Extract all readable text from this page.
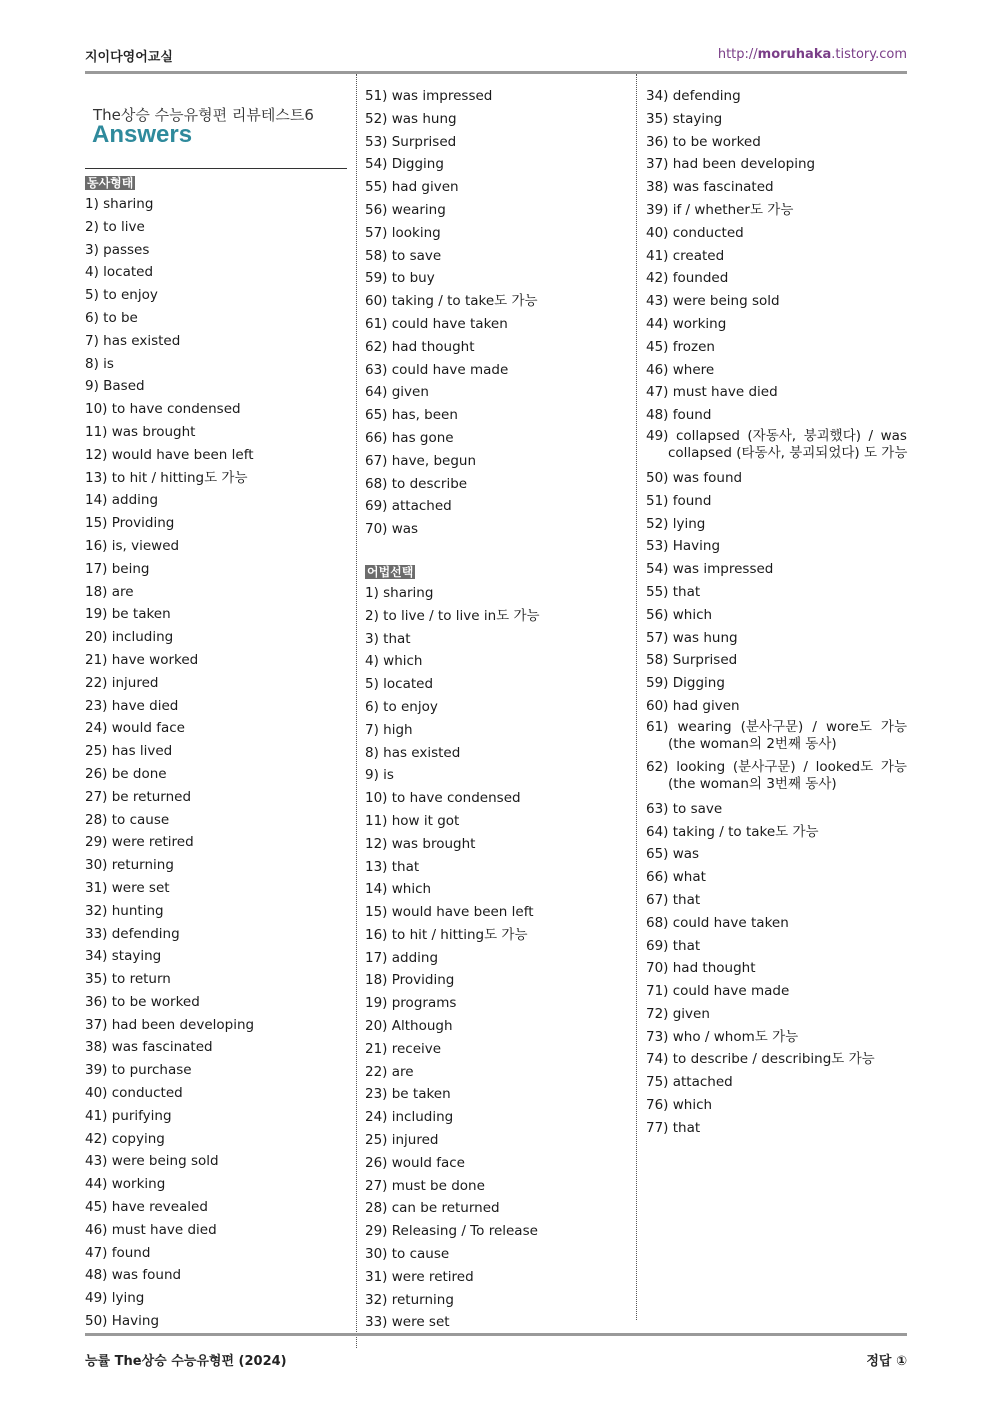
지이다영어교실	http://moruhaka.tistory.com
The상승 수능유형편 리뷰테스트6
Answers
동사형태
1) sharing
2) to live
3) passes
4) located
5) to enjoy
6) to be
7) has existed
8) is
9) Based
10) to have condensed
11) was brought
12) would have been left
13) to hit / hitting도 가능
14) adding
15) Providing
16) is, viewed
17) being
18) are
19) be taken
20) including
21) have worked
22) injured
23) have died
24) would face
25) has lived
26) be done
27) be returned
28) to cause
29) were retired
30) returning
31) were set
32) hunting
33) defending
34) staying
35) to return
36) to be worked
37) had been developing
38) was fascinated
39) to purchase
40) conducted
41) purifying
42) copying
43) were being sold
44) working
45) have revealed
46) must have died
47) found
48) was found
49) lying
50) Having
51) was impressed
52) was hung
53) Surprised
54) Digging
55) had given
56) wearing
57) looking
58) to save
59) to buy
60) taking / to take도 가능
61) could have taken
62) had thought
63) could have made
64) given
65) has, been
66) has gone
67) have, begun
68) to describe
69) attached
70) was
어법선택
1) sharing
2) to live / to live in도 가능
3) that
4) which
5) located
6) to enjoy
7) high
8) has existed
9) is
10) to have condensed
11) how it got
12) was brought
13) that
14) which
15) would have been left
16) to hit / hitting도 가능
17) adding
18) Providing
19) programs
20) Although
21) receive
22) are
23) be taken
24) including
25) injured
26) would face
27) must be done
28) can be returned
29) Releasing / To release
30) to cause
31) were retired
32) returning
33) were set
34) defending
35) staying
36) to be worked
37) had been developing
38) was fascinated
39) if / whether도 가능
40) conducted
41) created
42) founded
43) were being sold
44) working
45) frozen
46) where
47) must have died
48) found
49) collapsed (자동사, 붕괴했다) / was
collapsed (타동사, 붕괴되었다) 도 가능
50) was found
51) found
52) lying
53) Having
54) was impressed
55) that
56) which
57) was hung
58) Surprised
59) Digging
60) had given
61) wearing (분사구문) / wore도 가능
(the woman의 2번째 동사)
62) looking (분사구문) / looked도 가능
(the woman의 3번째 동사)
63) to save
64) taking / to take도 가능
65) was
66) what
67) that
68) could have taken
69) that
70) had thought
71) could have made
72) given
73) who / whom도 가능
74) to describe / describing도 가능
75) attached
76) which
77) that
능률 The상승 수능유형편 (2024)	정답 ①
